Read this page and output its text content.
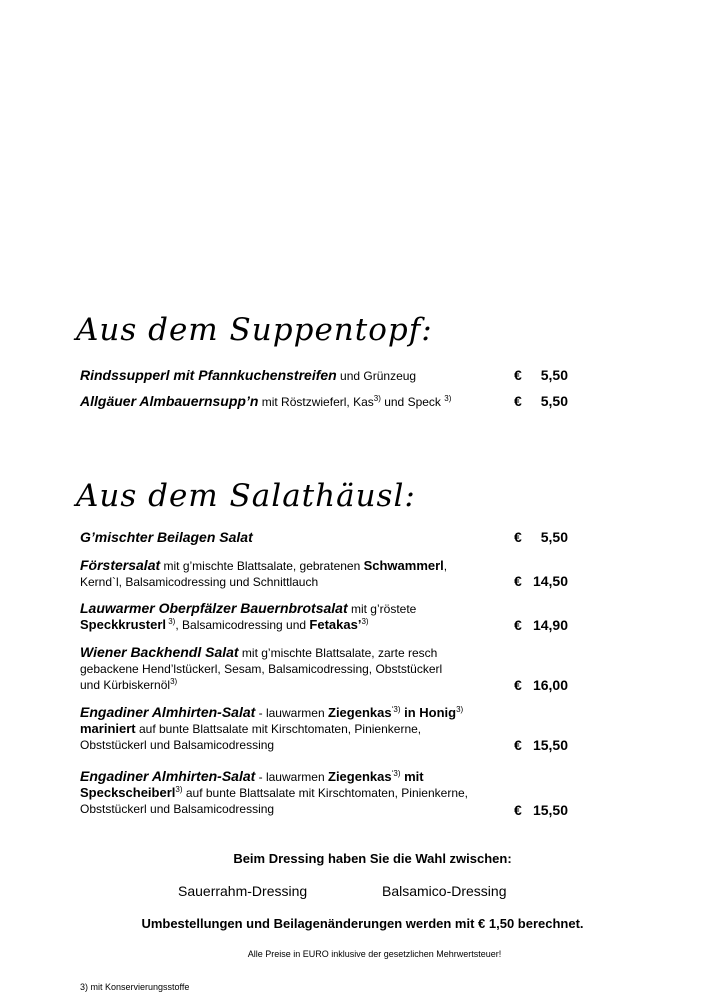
Aus dem Suppentopf:
Rindssupperl mit Pfannkuchenstreifen und Grünzeug	€ 5,50
Allgäuer Almbauernsupp’n mit Röstzwieferl, Kas$^{3)}$ und Speck $^{3)}$	€ 5,50
Aus dem Salathäusl:
G’mischter Beilagen Salat	€ 5,50
Förstersalat mit g’mischte Blattsalate, gebratenen Schwammerl,
Kernd`l, Balsamicodressing und Schnittlauch	€ 14,50
Lauwarmer Oberpfälzer Bauernbrotsalat mit g’röstete
Speckkrusterl $^{3)}$, Balsamicodressing und Fetakas’$^{3)}$	€ 14,90
Wiener Backhendl Salat mit g’mischte Blattsalate, zarte resch
gebackene Hend’lstückerl, Sesam, Balsamicodressing, Obststückerl
und Kürbiskernöl$^{3)}$	€ 16,00
Engadiner Almhirten-Salat - lauwarmen Ziegenkas$^{‘3)}$ in Honig$^{3)}$
mariniert auf bunte Blattsalate mit Kirschtomaten, Pinienkerne,
Obststückerl und Balsamicodressing	€ 15,50
Engadiner Almhirten-Salat - lauwarmen Ziegenkas$^{‘3)}$ mit
Speckscheiberl$^{3)}$ auf bunte Blattsalate mit Kirschtomaten, Pinienkerne,
Obststückerl und Balsamicodressing	€ 15,50
Beim Dressing haben Sie die Wahl zwischen:
Sauerrahm-Dressing	Balsamico-Dressing
Umbestellungen und Beilagenänderungen werden mit € 1,50 berechnet.
Alle Preise in EURO inklusive der gesetzlichen Mehrwertsteuer!
3) mit Konservierungsstoffe
